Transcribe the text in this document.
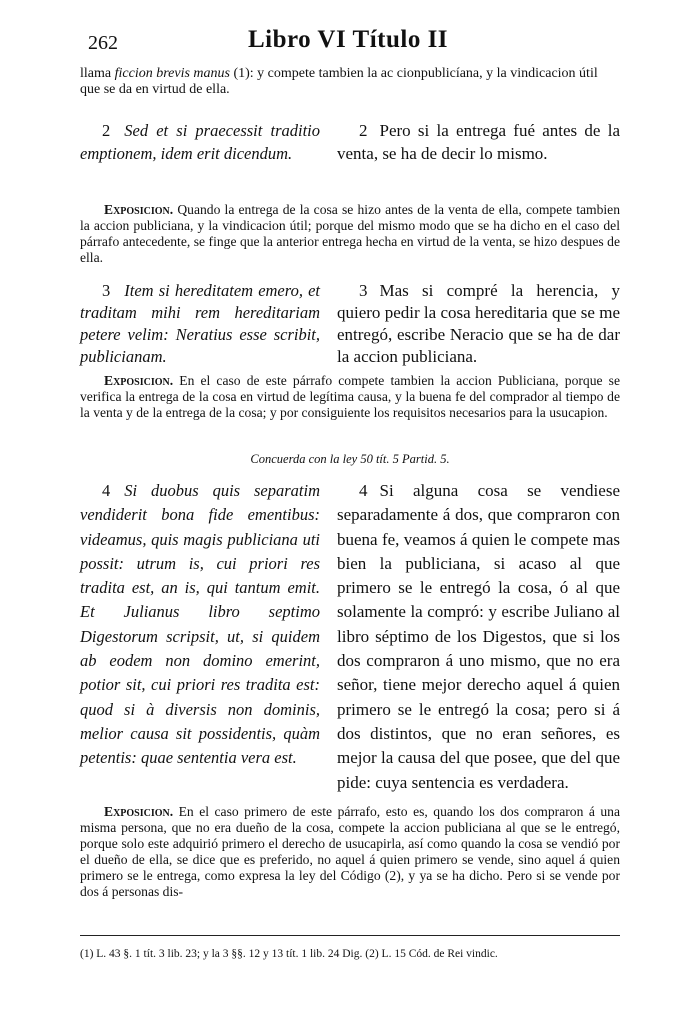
262	Libro VI Título II
llama ficcion brevis manus (1): y compete tambien la ac cionpublicíana, y la vindicacion útil que se da en virtud de ella.
2 Sed et si praecessit traditio emptionem, idem erit dicendum.
2 Pero si la entrega fué antes de la venta, se ha de decir lo mismo.
Exposicion. Quando la entrega de la cosa se hizo antes de la venta de ella, compete tambien la accion publiciana, y la vindicacion útil; porque del mismo modo que se ha dicho en el caso del párrafo antecedente, se finge que la anterior entrega hecha en virtud de la venta, se hizo despues de ella.
3 Item si hereditatem emero, et traditam mihi rem hereditariam petere velim: Neratius esse scribit, publicianam.
3 Mas si compré la herencia, y quiero pedir la cosa hereditaria que se me entregó, escribe Neracio que se ha de dar la accion publiciana.
Exposicion. En el caso de este párrafo compete tambien la accion Publiciana, porque se verifica la entrega de la cosa en virtud de legítima causa, y la buena fe del comprador al tiempo de la venta y de la entrega de la cosa; y por consiguiente los requisitos necesarios para la usucapion.
Concuerda con la ley 50 tít. 5 Partid. 5.
4 Si duobus quis separatim vendiderit bona fide ementibus: videamus, quis magis publiciana uti possit: utrum is, cui priori res tradita est, an is, qui tantum emit. Et Julianus libro septimo Digestorum scripsit, ut, si quidem ab eodem non domino emerint, potior sit, cui priori res tradita est: quod si à diversis non dominis, melior causa sit possidentis, quàm petentis: quae sententia vera est.
4 Si alguna cosa se vendiese separadamente á dos, que compraron con buena fe, veamos á quien le compete mas bien la publiciana, si acaso al que primero se le entregó la cosa, ó al que solamente la compró: y escribe Juliano al libro séptimo de los Digestos, que si los dos compraron á uno mismo, que no era señor, tiene mejor derecho aquel á quien primero se le entregó la cosa; pero si á dos distintos, que no eran señores, es mejor la causa del que posee, que del que pide: cuya sentencia es verdadera.
Exposicion. En el caso primero de este párrafo, esto es, quando los dos compraron á una misma persona, que no era dueño de la cosa, compete la accion publiciana al que se le entregó, porque solo este adquirió primero el derecho de usucapirla, así como quando la cosa se vendió por el dueño de ella, se dice que es preferido, no aquel á quien primero se vende, sino aquel á quien primero se le entrega, como expresa la ley del Código (2), y ya se ha dicho. Pero si se vende por dos á personas dis-
(1) L. 43 §. 1 tít. 3 lib. 23; y la 3 §§. 12 y 13 tít. 1 lib. 24 Dig. (2) L. 15 Cód. de Rei vindic.
